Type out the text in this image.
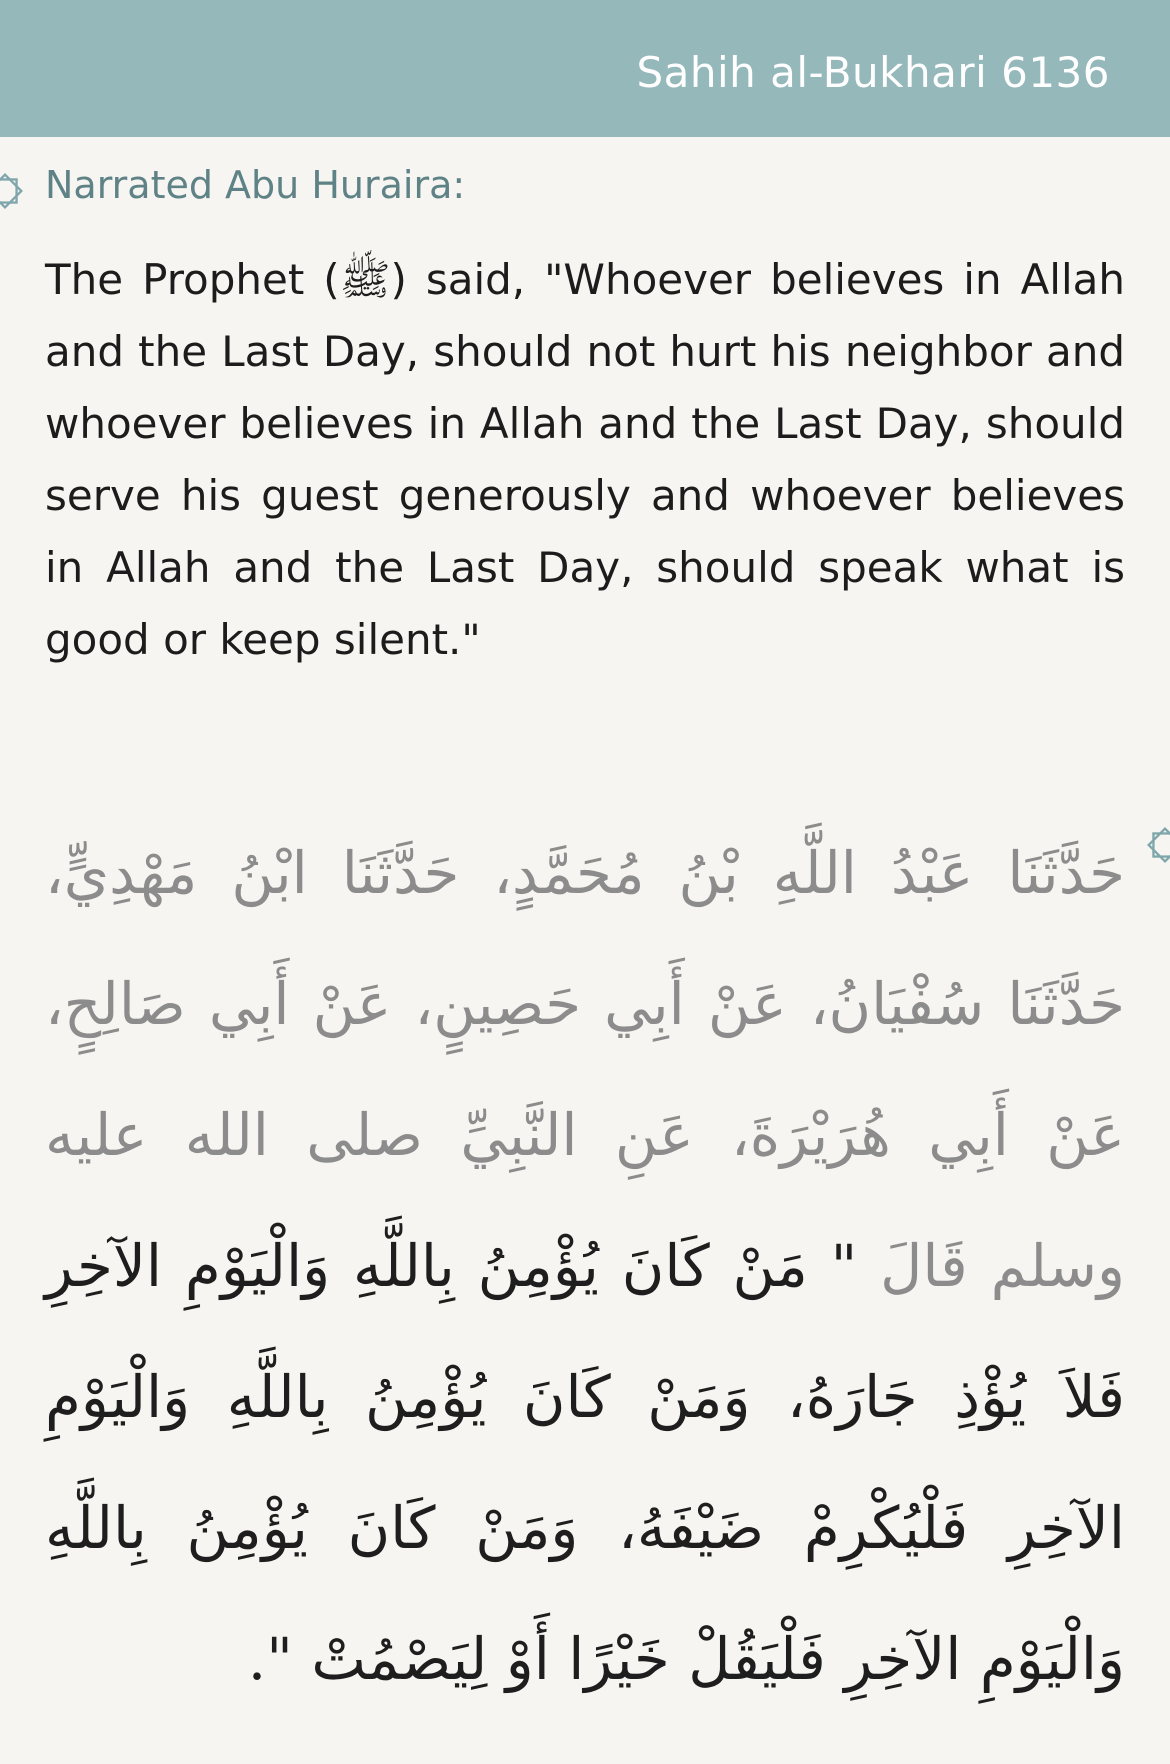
Sahih al-Bukhari 6136
Narrated Abu Huraira:

The Prophet (ﷺ) said, "Whoever believes in Allah and the Last Day, should not hurt his neighbor and whoever believes in Allah and the Last Day, should serve his guest generously and whoever believes in Allah and the Last Day, should speak what is good or keep silent."

حَدَّثَنَا عَبْدُ اللَّهِ بْنُ مُحَمَّدٍ، حَدَّثَنَا ابْنُ مَهْدِيٍّ، حَدَّثَنَا سُفْيَانُ، عَنْ أَبِي حَصِينٍ، عَنْ أَبِي صَالِحٍ، عَنْ أَبِي هُرَيْرَةَ، عَنِ النَّبِيِّ صلى الله عليه وسلم قَالَ " مَنْ كَانَ يُؤْمِنُ بِاللَّهِ وَالْيَوْمِ الآخِرِ فَلاَ يُؤْذِ جَارَهُ، وَمَنْ كَانَ يُؤْمِنُ بِاللَّهِ وَالْيَوْمِ الآخِرِ فَلْيُكْرِمْ ضَيْفَهُ، وَمَنْ كَانَ يُؤْمِنُ بِاللَّهِ وَالْيَوْمِ الآخِرِ فَلْيَقُلْ خَيْرًا أَوْ لِيَصْمُتْ ".
